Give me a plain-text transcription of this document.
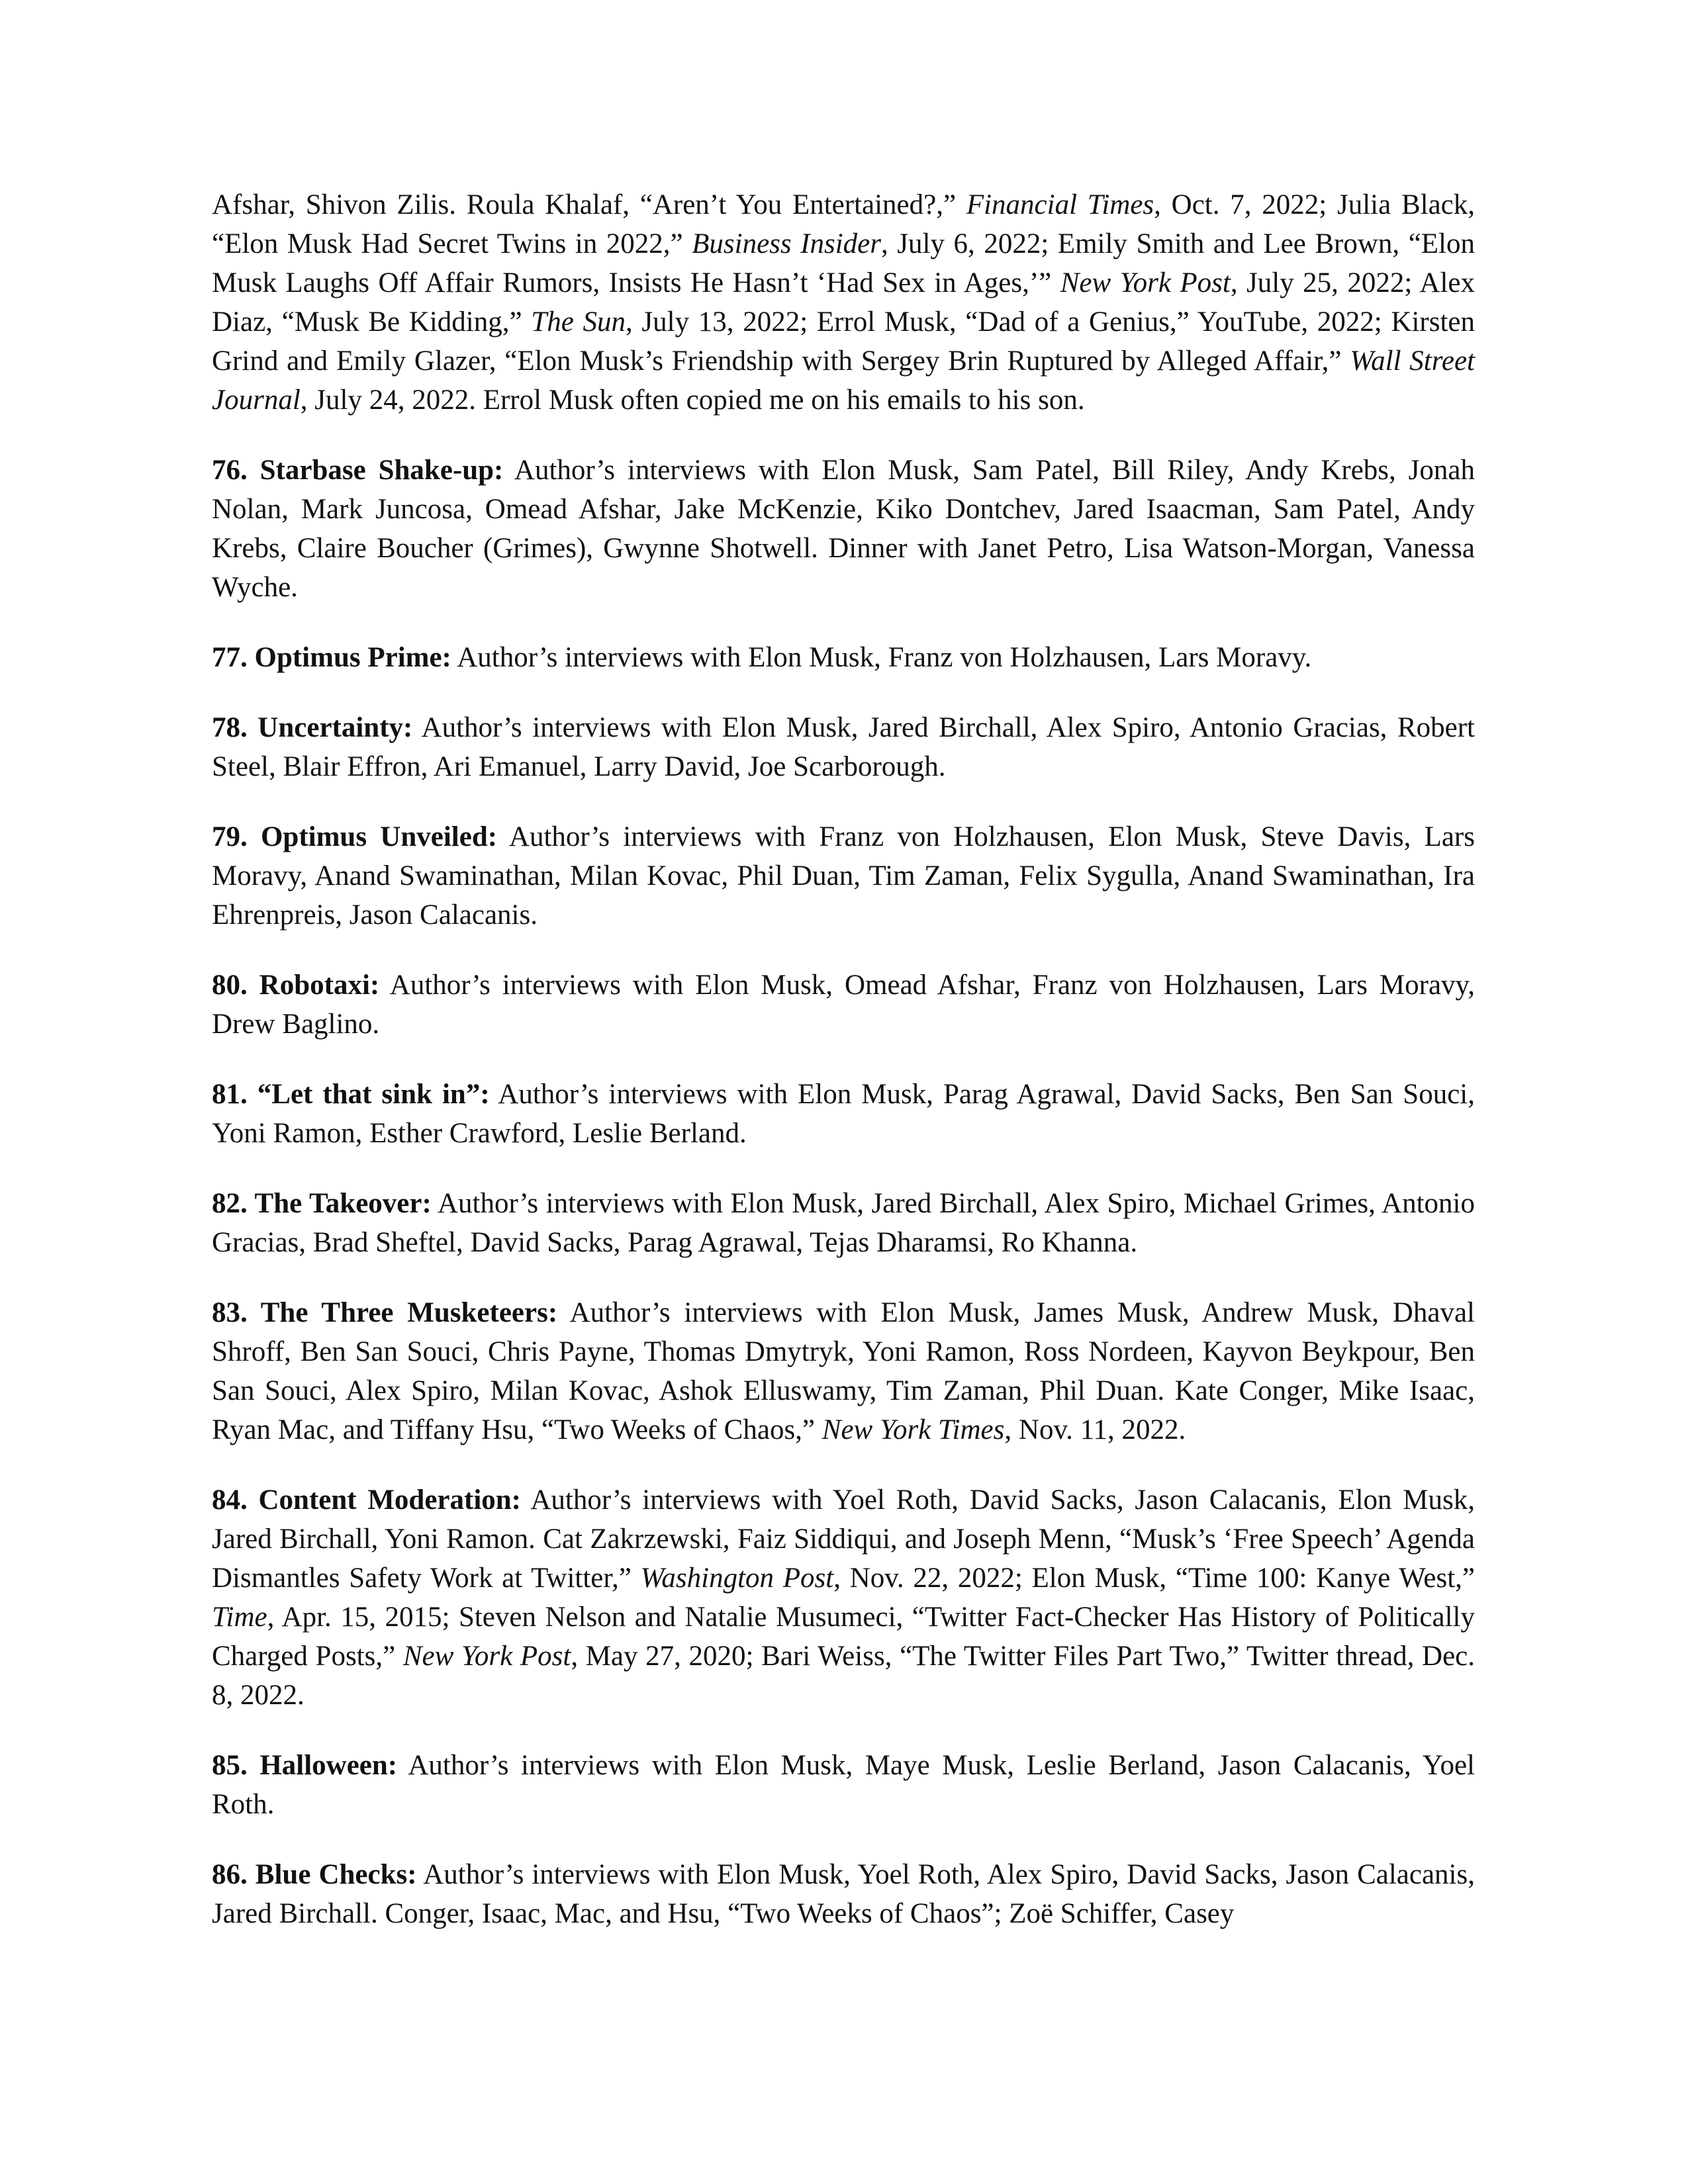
Afshar, Shivon Zilis. Roula Khalaf, “Aren’t You Entertained?,” Financial Times, Oct. 7, 2022; Julia Black, “Elon Musk Had Secret Twins in 2022,” Business Insider, July 6, 2022; Emily Smith and Lee Brown, “Elon Musk Laughs Off Affair Rumors, Insists He Hasn’t ‘Had Sex in Ages,’” New York Post, July 25, 2022; Alex Diaz, “Musk Be Kidding,” The Sun, July 13, 2022; Errol Musk, “Dad of a Genius,” YouTube, 2022; Kirsten Grind and Emily Glazer, “Elon Musk’s Friendship with Sergey Brin Ruptured by Alleged Affair,” Wall Street Journal, July 24, 2022. Errol Musk often copied me on his emails to his son.

76. Starbase Shake-up: Author’s interviews with Elon Musk, Sam Patel, Bill Riley, Andy Krebs, Jonah Nolan, Mark Juncosa, Omead Afshar, Jake McKenzie, Kiko Dontchev, Jared Isaacman, Sam Patel, Andy Krebs, Claire Boucher (Grimes), Gwynne Shotwell. Dinner with Janet Petro, Lisa Watson-Morgan, Vanessa Wyche.

77. Optimus Prime: Author’s interviews with Elon Musk, Franz von Holzhausen, Lars Moravy.

78. Uncertainty: Author’s interviews with Elon Musk, Jared Birchall, Alex Spiro, Antonio Gracias, Robert Steel, Blair Effron, Ari Emanuel, Larry David, Joe Scarborough.

79. Optimus Unveiled: Author’s interviews with Franz von Holzhausen, Elon Musk, Steve Davis, Lars Moravy, Anand Swaminathan, Milan Kovac, Phil Duan, Tim Zaman, Felix Sygulla, Anand Swaminathan, Ira Ehrenpreis, Jason Calacanis.

80. Robotaxi: Author’s interviews with Elon Musk, Omead Afshar, Franz von Holzhausen, Lars Moravy, Drew Baglino.

81. “Let that sink in”: Author’s interviews with Elon Musk, Parag Agrawal, David Sacks, Ben San Souci, Yoni Ramon, Esther Crawford, Leslie Berland.

82. The Takeover: Author’s interviews with Elon Musk, Jared Birchall, Alex Spiro, Michael Grimes, Antonio Gracias, Brad Sheftel, David Sacks, Parag Agrawal, Tejas Dharamsi, Ro Khanna.

83. The Three Musketeers: Author’s interviews with Elon Musk, James Musk, Andrew Musk, Dhaval Shroff, Ben San Souci, Chris Payne, Thomas Dmytryk, Yoni Ramon, Ross Nordeen, Kayvon Beykpour, Ben San Souci, Alex Spiro, Milan Kovac, Ashok Elluswamy, Tim Zaman, Phil Duan. Kate Conger, Mike Isaac, Ryan Mac, and Tiffany Hsu, “Two Weeks of Chaos,” New York Times, Nov. 11, 2022.

84. Content Moderation: Author’s interviews with Yoel Roth, David Sacks, Jason Calacanis, Elon Musk, Jared Birchall, Yoni Ramon. Cat Zakrzewski, Faiz Siddiqui, and Joseph Menn, “Musk’s ‘Free Speech’ Agenda Dismantles Safety Work at Twitter,” Washington Post, Nov. 22, 2022; Elon Musk, “Time 100: Kanye West,” Time, Apr. 15, 2015; Steven Nelson and Natalie Musumeci, “Twitter Fact-Checker Has History of Politically Charged Posts,” New York Post, May 27, 2020; Bari Weiss, “The Twitter Files Part Two,” Twitter thread, Dec. 8, 2022.

85. Halloween: Author’s interviews with Elon Musk, Maye Musk, Leslie Berland, Jason Calacanis, Yoel Roth.

86. Blue Checks: Author’s interviews with Elon Musk, Yoel Roth, Alex Spiro, David Sacks, Jason Calacanis, Jared Birchall. Conger, Isaac, Mac, and Hsu, “Two Weeks of Chaos”; Zoë Schiffer, Casey
